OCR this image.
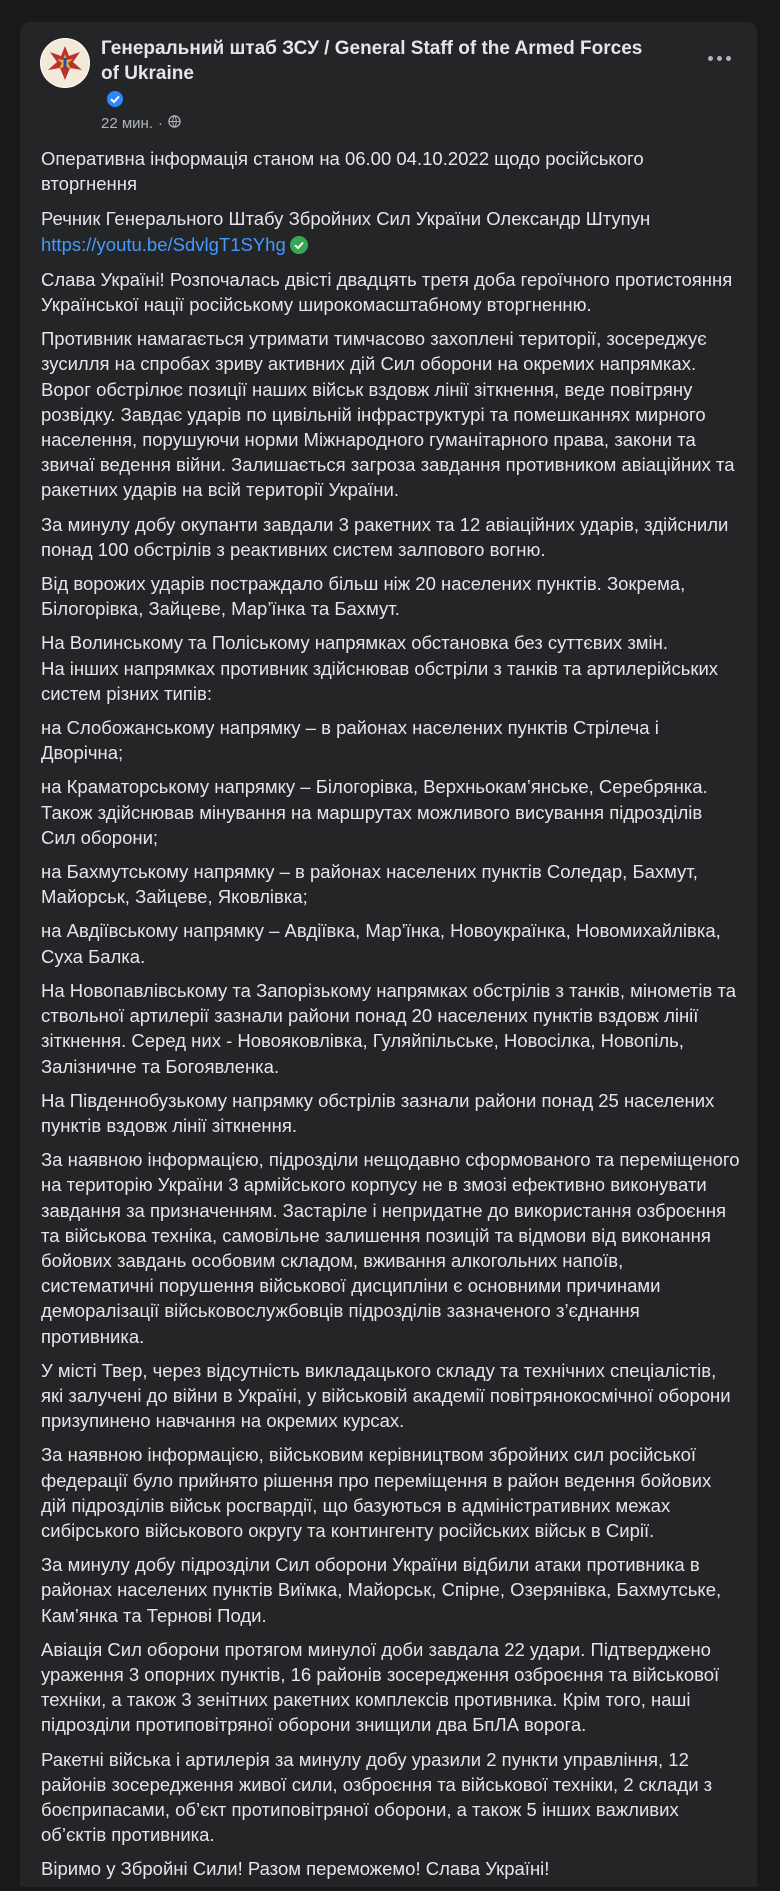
Генеральний штаб ЗСУ / General Staff of the Armed Forces of Ukraine
22 мин. ·

Оперативна інформація станом на 06.00 04.10.2022 щодо російського вторгнення

Речник Генерального Штабу Збройних Сил України Олександр Штупун
https://youtu.be/SdvlgT1SYhg

Слава Україні! Розпочалась двісті двадцять третя доба героїчного протистояння Української нації російському широкомасштабному вторгненню.

Противник намагається утримати тимчасово захоплені території, зосереджує зусилля на спробах зриву активних дій Сил оборони на окремих напрямках. Ворог обстрілює позиції наших військ вздовж лінії зіткнення, веде повітряну розвідку. Завдає ударів по цивільній інфраструктурі та помешканнях мирного населення, порушуючи норми Міжнародного гуманітарного права, закони та звичаї ведення війни. Залишається загроза завдання противником авіаційних та ракетних ударів на всій території України.

За минулу добу окупанти завдали 3 ракетних та 12 авіаційних ударів, здійснили понад 100 обстрілів з реактивних систем залпового вогню.

Від ворожих ударів постраждало більш ніж 20 населених пунктів. Зокрема, Білогорівка, Зайцеве, Мар’їнка та Бахмут.

На Волинському та Поліському напрямках обстановка без суттєвих змін.
На інших напрямках противник здійснював обстріли з танків та артилерійських систем різних типів:

на Слобожанському напрямку – в районах населених пунктів Стрілеча і Дворічна;

на Краматорському напрямку – Білогорівка, Верхньокам’янське, Серебрянка. Також здійснював мінування на маршрутах можливого висування підрозділів Сил оборони;

на Бахмутському напрямку – в районах населених пунктів Соледар, Бахмут, Майорськ, Зайцеве, Яковлівка;

на Авдіївському напрямку – Авдіївка, Мар’їнка, Новоукраїнка, Новомихайлівка, Суха Балка.

На Новопавлівському та Запорізькому напрямках обстрілів з танків, мінометів та ствольної артилерії зазнали райони понад 20 населених пунктів вздовж лінії зіткнення. Серед них - Новояковлівка, Гуляйпільське, Новосілка, Новопіль, Залізничне та Богоявленка.

На Південнобузькому напрямку обстрілів зазнали райони понад 25 населених пунктів вздовж лінії зіткнення.

За наявною інформацією, підрозділи нещодавно сформованого та переміщеного на територію України 3 армійського корпусу не в змозі ефективно виконувати завдання за призначенням. Застаріле і непридатне до використання озброєння та військова техніка, самовільне залишення позицій та відмови від виконання бойових завдань особовим складом, вживання алкогольних напоїв, систематичні порушення військової дисципліни є основними причинами деморалізації військовослужбовців підрозділів зазначеного з’єднання противника.

У місті Твер, через відсутність викладацького складу та технічних спеціалістів, які залучені до війни в Україні, у військовій академії повітрянокосмічної оборони призупинено навчання на окремих курсах.

За наявною інформацією, військовим керівництвом збройних сил російської федерації було прийнято рішення про переміщення в район ведення бойових дій підрозділів військ росгвардії, що базуються в адміністративних межах сибірського військового округу та контингенту російських військ в Сирії.

За минулу добу підрозділи Сил оборони України відбили атаки противника в районах населених пунктів Виїмка, Майорськ, Спірне, Озерянівка, Бахмутське, Кам’янка та Тернові Поди.

Авіація Сил оборони протягом минулої доби завдала 22 удари. Підтверджено ураження 3 опорних пунктів, 16 районів зосередження озброєння та військової техніки, а також 3 зенітних ракетних комплексів противника. Крім того, наші підрозділи протиповітряної оборони знищили два БпЛА ворога.

Ракетні війська і артилерія за минулу добу уразили 2 пункти управління, 12 районів зосередження живої сили, озброєння та військової техніки, 2 склади з боєприпасами, об’єкт протиповітряної оборони, а також 5 інших важливих об’єктів противника.

Віримо у Збройні Сили! Разом переможемо! Слава Україні!
